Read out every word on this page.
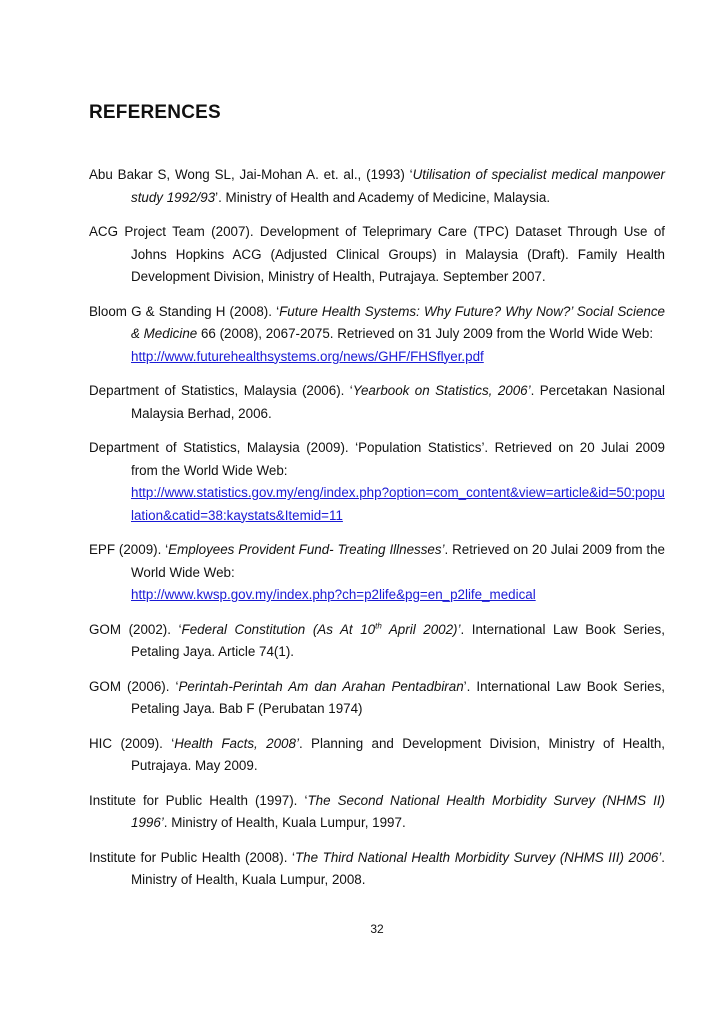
REFERENCES

Abu Bakar S, Wong SL, Jai-Mohan A. et. al., (1993) ‘Utilisation of specialist medical manpower study 1992/93’. Ministry of Health and Academy of Medicine, Malaysia.

ACG Project Team (2007). Development of Teleprimary Care (TPC) Dataset Through Use of Johns Hopkins ACG (Adjusted Clinical Groups) in Malaysia (Draft). Family Health Development Division, Ministry of Health, Putrajaya. September 2007.

Bloom G & Standing H (2008). ‘Future Health Systems: Why Future? Why Now?’ Social Science & Medicine 66 (2008), 2067-2075. Retrieved on 31 July 2009 from the World Wide Web:
http://www.futurehealthsystems.org/news/GHF/FHSflyer.pdf

Department of Statistics, Malaysia (2006). ‘Yearbook on Statistics, 2006’. Percetakan Nasional Malaysia Berhad, 2006.

Department of Statistics, Malaysia (2009). ‘Population Statistics’. Retrieved on 20 Julai 2009 from the World Wide Web:
http://www.statistics.gov.my/eng/index.php?option=com_content&view=article&id=50:population&catid=38:kaystats&Itemid=11

EPF (2009). ‘Employees Provident Fund- Treating Illnesses’. Retrieved on 20 Julai 2009 from the World Wide Web:
http://www.kwsp.gov.my/index.php?ch=p2life&pg=en_p2life_medical

GOM (2002). ‘Federal Constitution (As At 10th April 2002)’. International Law Book Series, Petaling Jaya. Article 74(1).

GOM (2006). ‘Perintah-Perintah Am dan Arahan Pentadbiran’. International Law Book Series, Petaling Jaya. Bab F (Perubatan 1974)

HIC (2009). ‘Health Facts, 2008’. Planning and Development Division, Ministry of Health, Putrajaya. May 2009.

Institute for Public Health (1997). ‘The Second National Health Morbidity Survey (NHMS II) 1996’. Ministry of Health, Kuala Lumpur, 1997.

Institute for Public Health (2008). ‘The Third National Health Morbidity Survey (NHMS III) 2006’. Ministry of Health, Kuala Lumpur, 2008.

32
